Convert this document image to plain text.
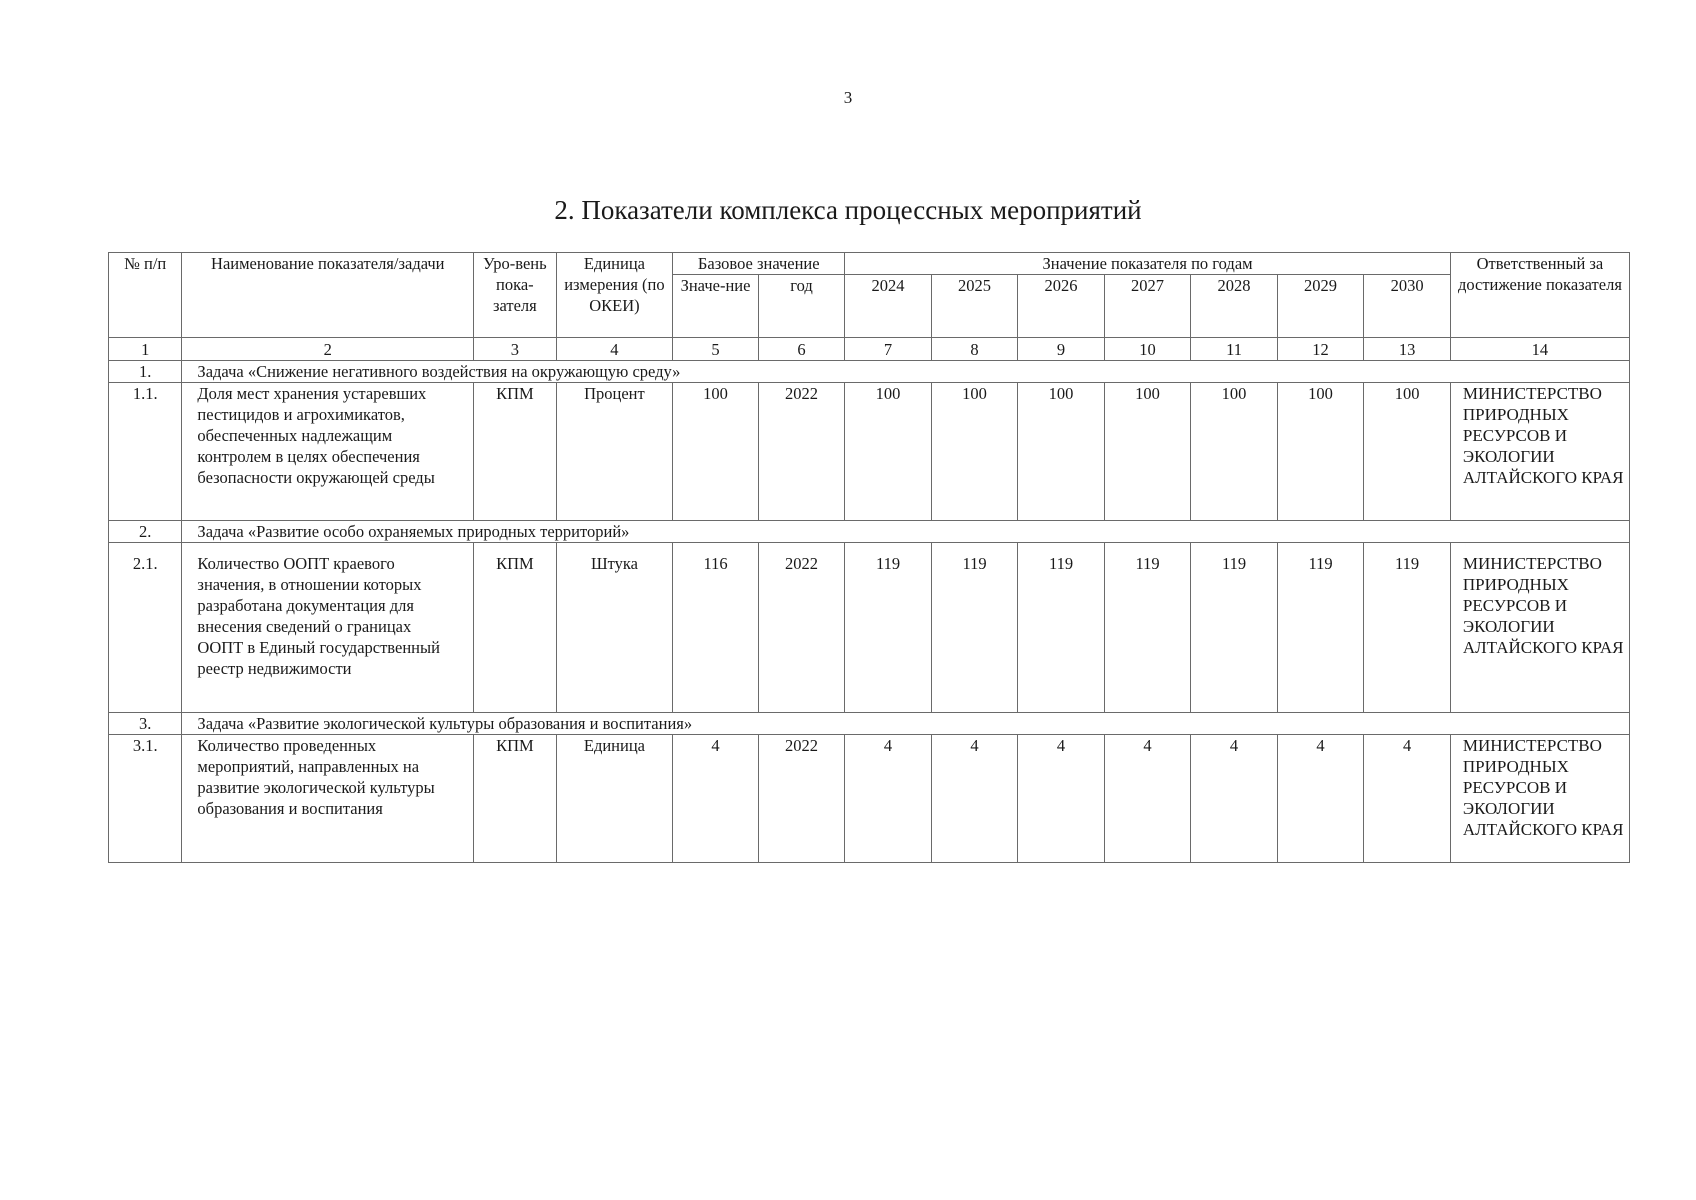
3
2. Показатели комплекса процессных мероприятий
№ п/п	Наименование показателя/задачи	Уро-вень пока-зателя	Единица измерения (по ОКЕИ)	Базовое значение		Значение показателя по годам							Ответственный за достижение показателя
				Значе-ние	год	2024	2025	2026	2027	2028	2029	2030	
1	2	3	4	5	6	7	8	9	10	11	12	13	14
1.	Задача «Снижение негативного воздействия на окружающую среду»												
1.1.	Доля мест хранения устаревших пестицидов и агрохимикатов, обеспеченных надлежащим контролем в целях обеспечения безопасности окружающей среды	КПМ	Процент	100	2022	100	100	100	100	100	100	100	МИНИСТЕРСТВО ПРИРОДНЫХ РЕСУРСОВ И ЭКОЛОГИИ АЛТАЙСКОГО КРАЯ
2.	Задача «Развитие особо охраняемых природных территорий»												
2.1.	Количество ООПТ краевого значения, в отношении которых разработана документация для внесения сведений о границах ООПТ в Единый государственный реестр недвижимости	КПМ	Штука	116	2022	119	119	119	119	119	119	119	МИНИСТЕРСТВО ПРИРОДНЫХ РЕСУРСОВ И ЭКОЛОГИИ АЛТАЙСКОГО КРАЯ
3.	Задача «Развитие экологической культуры образования и воспитания»												
3.1.	Количество проведенных мероприятий, направленных на развитие экологической культуры образования и воспитания	КПМ	Единица	4	2022	4	4	4	4	4	4	4	МИНИСТЕРСТВО ПРИРОДНЫХ РЕСУРСОВ И ЭКОЛОГИИ АЛТАЙСКОГО КРАЯ
